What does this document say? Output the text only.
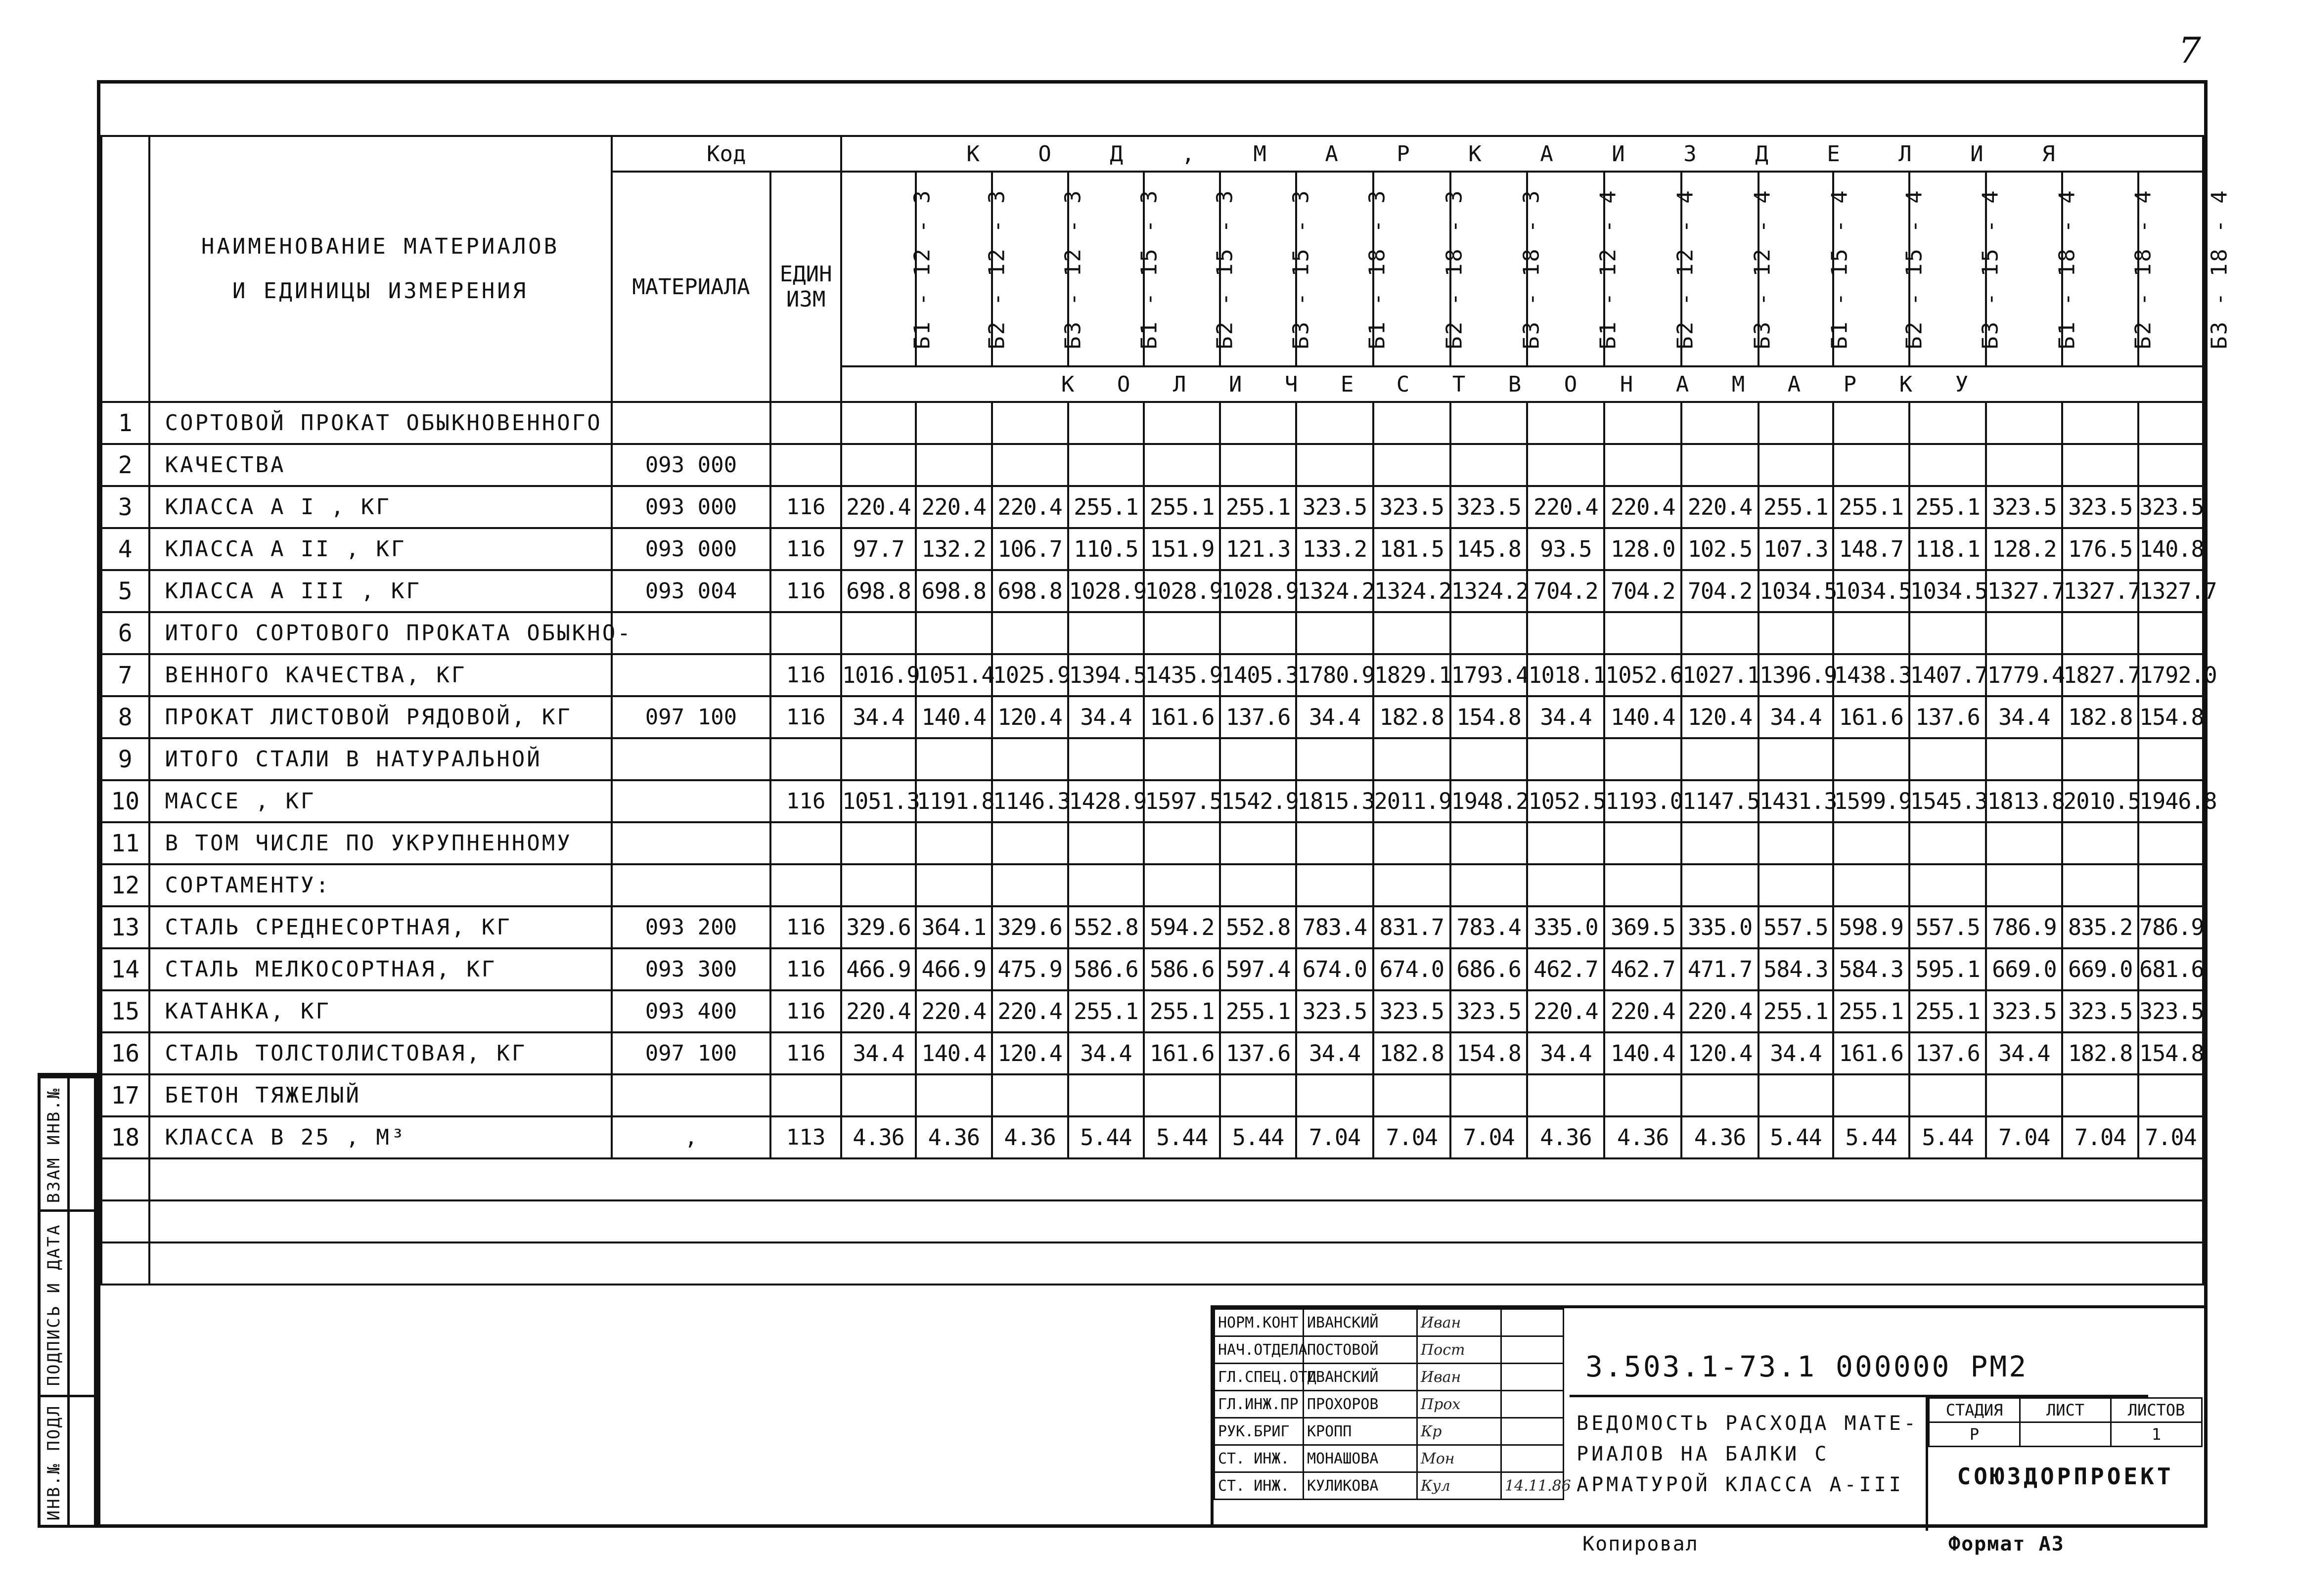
7

	НАИМЕНОВАНИЕ МАТЕРИАЛОВ
И ЕДИНИЦЫ ИЗМЕРЕНИЯ	Код		К О Д , М А Р К А И З Д Е Л И Я																	
		МАТЕРИАЛА	ЕДИН
ИЗМ	Б1 - 12 - 3	Б2 - 12 - 3	Б3 - 12 - 3	Б1 - 15 - 3	Б2 - 15 - 3	Б3 - 15 - 3	Б1 - 18 - 3	Б2 - 18 - 3	Б3 - 18 - 3	Б1 - 12 - 4	Б2 - 12 - 4	Б3 - 12 - 4	Б1 - 15 - 4	Б2 - 15 - 4	Б3 - 15 - 4	Б1 - 18 - 4	Б2 - 18 - 4	Б3 - 18 - 4
				К О Л И Ч Е С Т В О Н А М А Р К У																	
1	СОРТОВОЙ ПРОКАТ ОБЫКНОВЕННОГО																				
2	КАЧЕСТВА	093 000																			
3	КЛАССА А I , КГ	093 000	116	220.4	220.4	220.4	255.1	255.1	255.1	323.5	323.5	323.5	220.4	220.4	220.4	255.1	255.1	255.1	323.5	323.5	323.5
4	КЛАССА А II , КГ	093 000	116	97.7	132.2	106.7	110.5	151.9	121.3	133.2	181.5	145.8	93.5	128.0	102.5	107.3	148.7	118.1	128.2	176.5	140.8
5	КЛАССА А III , КГ	093 004	116	698.8	698.8	698.8	1028.9	1028.9	1028.9	1324.2	1324.2	1324.2	704.2	704.2	704.2	1034.5	1034.5	1034.5	1327.7	1327.7	1327.7
6	ИТОГО СОРТОВОГО ПРОКАТА ОБЫКНО-																				
7	ВЕННОГО КАЧЕСТВА, КГ		116	1016.9	1051.4	1025.9	1394.5	1435.9	1405.3	1780.9	1829.1	1793.4	1018.1	1052.6	1027.1	1396.9	1438.3	1407.7	1779.4	1827.7	1792.0
8	ПРОКАТ ЛИСТОВОЙ РЯДОВОЙ, КГ	097 100	116	34.4	140.4	120.4	34.4	161.6	137.6	34.4	182.8	154.8	34.4	140.4	120.4	34.4	161.6	137.6	34.4	182.8	154.8
9	ИТОГО СТАЛИ В НАТУРАЛЬНОЙ																				
10	МАССЕ , КГ		116	1051.3	1191.8	1146.3	1428.9	1597.5	1542.9	1815.3	2011.9	1948.2	1052.5	1193.0	1147.5	1431.3	1599.9	1545.3	1813.8	2010.5	1946.8
11	В ТОМ ЧИСЛЕ ПО УКРУПНЕННОМУ																				
12	СОРТАМЕНТУ:																				
13	СТАЛЬ СРЕДНЕСОРТНАЯ, КГ	093 200	116	329.6	364.1	329.6	552.8	594.2	552.8	783.4	831.7	783.4	335.0	369.5	335.0	557.5	598.9	557.5	786.9	835.2	786.9
14	СТАЛЬ МЕЛКОСОРТНАЯ, КГ	093 300	116	466.9	466.9	475.9	586.6	586.6	597.4	674.0	674.0	686.6	462.7	462.7	471.7	584.3	584.3	595.1	669.0	669.0	681.6
15	КАТАНКА, КГ	093 400	116	220.4	220.4	220.4	255.1	255.1	255.1	323.5	323.5	323.5	220.4	220.4	220.4	255.1	255.1	255.1	323.5	323.5	323.5
16	СТАЛЬ ТОЛСТОЛИСТОВАЯ, КГ	097 100	116	34.4	140.4	120.4	34.4	161.6	137.6	34.4	182.8	154.8	34.4	140.4	120.4	34.4	161.6	137.6	34.4	182.8	154.8
17	БЕТОН ТЯЖЕЛЫЙ																				
18	КЛАССА В 25 , М³	,	113	4.36	4.36	4.36	5.44	5.44	5.44	7.04	7.04	7.04	4.36	4.36	4.36	5.44	5.44	5.44	7.04	7.04	7.04

ВЗАМ ИНВ.№
ПОДПИСЬ И ДАТА
ИНВ.№ ПОДЛ
НОРМ.КОНТ	ИВАНСКИЙ	Иван	
НАЧ.ОТДЕЛА	ПОСТОВОЙ	Пост	
ГЛ.СПЕЦ.ОТД	ИВАНСКИЙ	Иван	
ГЛ.ИНЖ.ПР	ПРОХОРОВ	Прох	
РУК.БРИГ	КРОПП	Кр	
СТ. ИНЖ.	МОНАШОВА	Мон	
СТ. ИНЖ.	КУЛИКОВА	Кул	14.11.86
3.503.1-73.1 000000 РМ2
ВЕДОМОСТЬ РАСХОДА МАТЕ- РИАЛОВ НА БАЛКИ С АРМАТУРОЙ КЛАССА А-III
СТАДИЯ	ЛИСТ	ЛИСТОВ
Р		1
СОЮЗДОРПРОЕКТ
Копировал	Формат А3
